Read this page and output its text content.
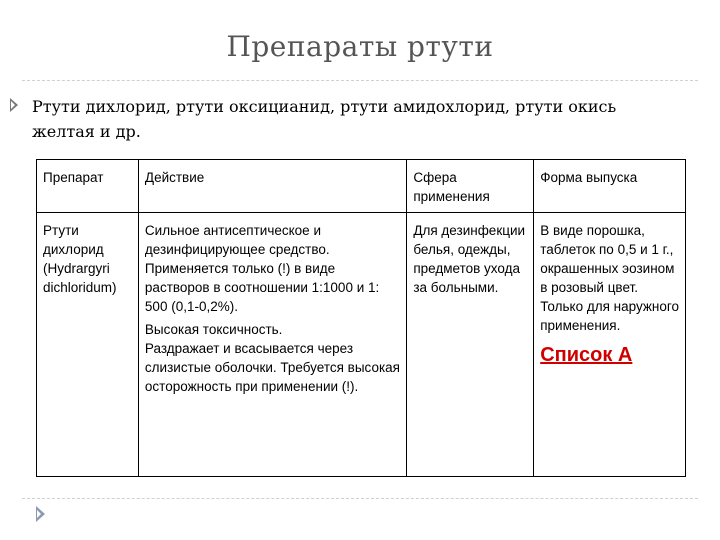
Препараты ртути
Ртути дихлорид, ртути оксицианид, ртути амидохлорид, ртути окись желтая и др.
Препарат	Действие	Сфера применения	Форма выпуска
Ртути дихлорид (Hydrargyri dichloridum)	Сильное антисептическое и дезинфицирующее средство. Применяется только (!) в виде растворов в соотношении 1:1000 и 1: 500 (0,1-0,2%).
Высокая токсичность.
Раздражает и всасывается через слизистые оболочки. Требуется высокая осторожность при применении (!).	Для дезинфекции белья, одежды, предметов ухода за больными.	В виде порошка, таблеток по 0,5 и 1 г., окрашенных эозином в розовый цвет. Только для наружного применения.
Список А
